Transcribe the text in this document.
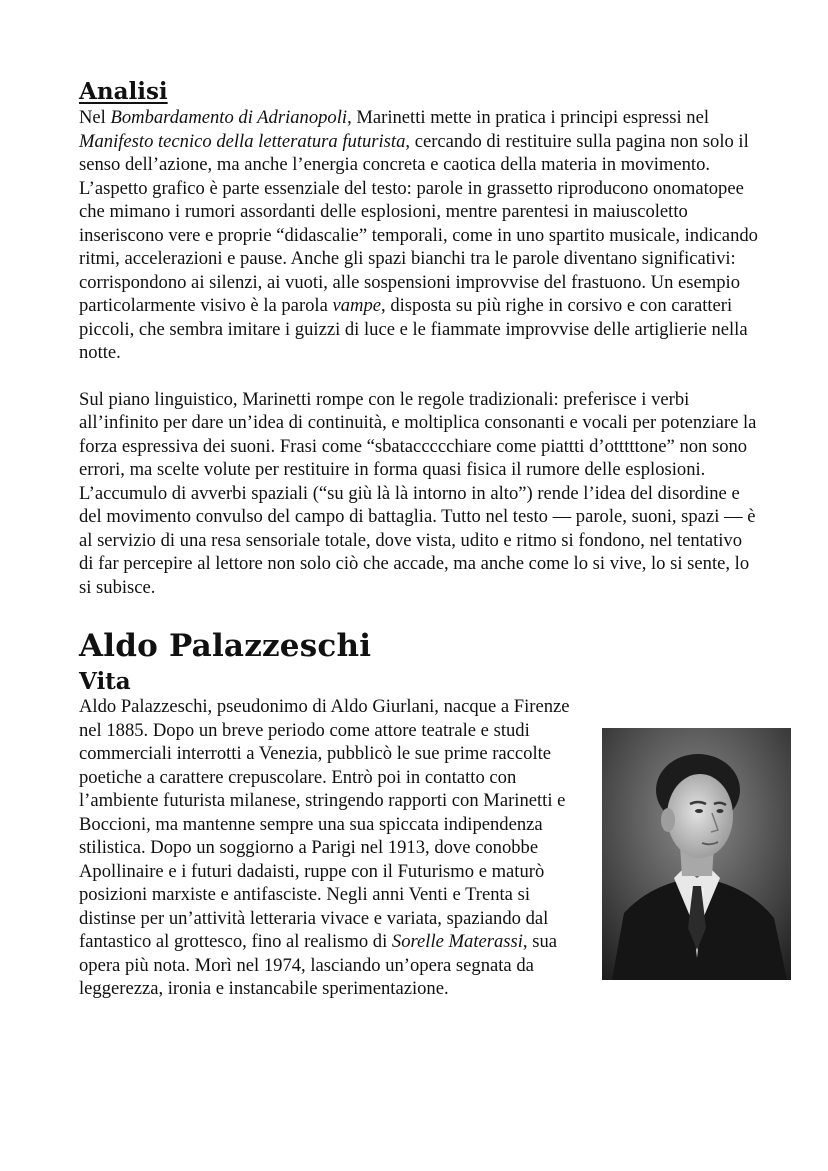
Analisi

Nel Bombardamento di Adrianopoli, Marinetti mette in pratica i principi espressi nel Manifesto tecnico della letteratura futurista, cercando di restituire sulla pagina non solo il senso dell’azione, ma anche l’energia concreta e caotica della materia in movimento. L’aspetto grafico è parte essenziale del testo: parole in grassetto riproducono onomatopee che mimano i rumori assordanti delle esplosioni, mentre parentesi in maiuscoletto inseriscono vere e proprie “didascalie” temporali, come in uno spartito musicale, indicando ritmi, accelerazioni e pause. Anche gli spazi bianchi tra le parole diventano significativi: corrispondono ai silenzi, ai vuoti, alle sospensioni improvvise del frastuono. Un esempio particolarmente visivo è la parola vampe, disposta su più righe in corsivo e con caratteri piccoli, che sembra imitare i guizzi di luce e le fiammate improvvise delle artiglierie nella notte.

Sul piano linguistico, Marinetti rompe con le regole tradizionali: preferisce i verbi all’infinito per dare un’idea di continuità, e moltiplica consonanti e vocali per potenziare la forza espressiva dei suoni. Frasi come “sbataccccchiare come piattti d’otttttone” non sono errori, ma scelte volute per restituire in forma quasi fisica il rumore delle esplosioni. L’accumulo di avverbi spaziali (“su giù là là intorno in alto”) rende l’idea del disordine e del movimento convulso del campo di battaglia. Tutto nel testo — parole, suoni, spazi — è al servizio di una resa sensoriale totale, dove vista, udito e ritmo si fondono, nel tentativo di far percepire al lettore non solo ciò che accade, ma anche come lo si vive, lo si sente, lo si subisce.

Aldo Palazzeschi
Vita

Aldo Palazzeschi, pseudonimo di Aldo Giurlani, nacque a Firenze nel 1885. Dopo un breve periodo come attore teatrale e studi commerciali interrotti a Venezia, pubblicò le sue prime raccolte poetiche a carattere crepuscolare. Entrò poi in contatto con l’ambiente futurista milanese, stringendo rapporti con Marinetti e Boccioni, ma mantenne sempre una sua spiccata indipendenza stilistica. Dopo un soggiorno a Parigi nel 1913, dove conobbe Apollinaire e i futuri dadaisti, ruppe con il Futurismo e maturò posizioni marxiste e antifasciste. Negli anni Venti e Trenta si distinse per un’attività letteraria vivace e variata, spaziando dal fantastico al grottesco, fino al realismo di Sorelle Materassi, sua opera più nota. Morì nel 1974, lasciando un’opera segnata da leggerezza, ironia e instancabile sperimentazione.
